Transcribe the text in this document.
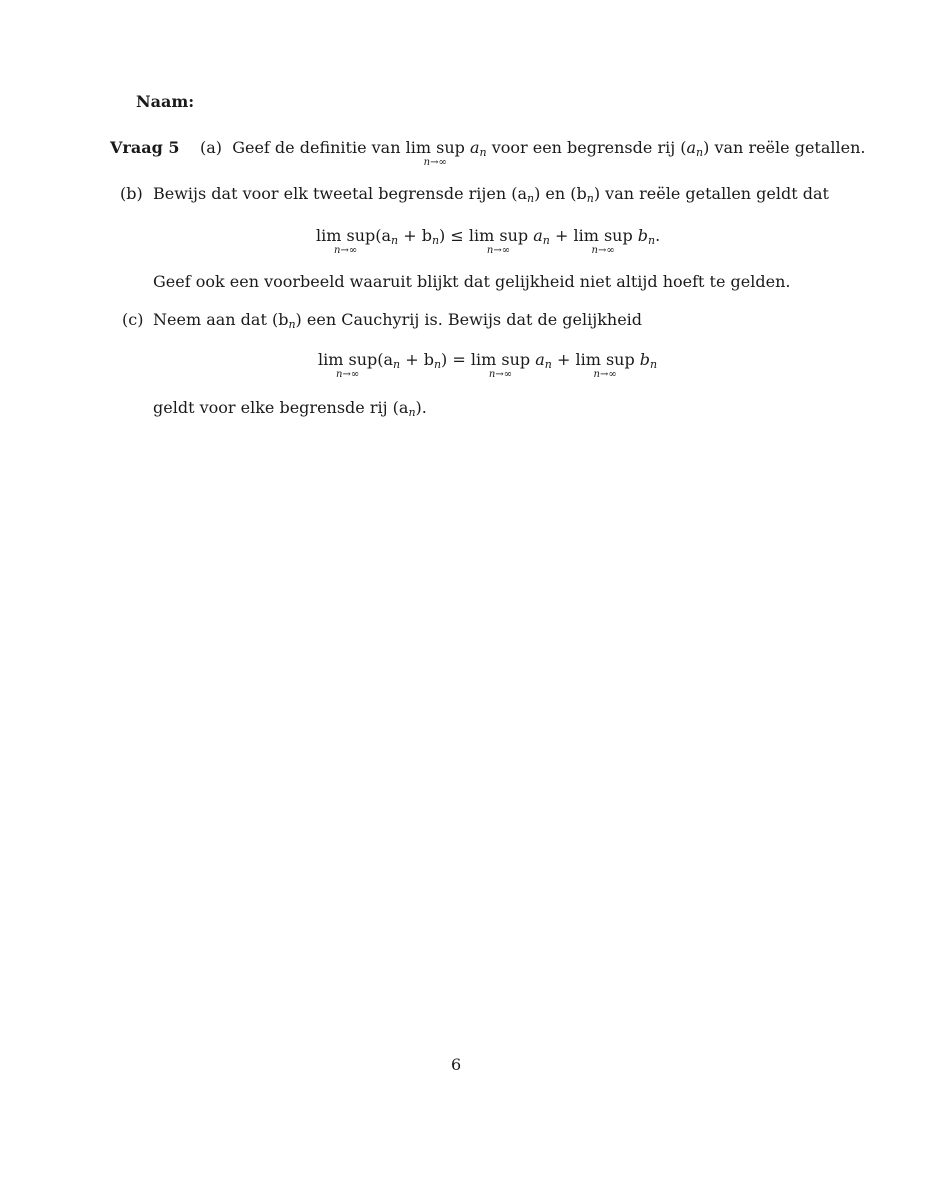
Naam:
Vraag 5 (a) Geef de definitie van lim sup
n→∞
$a_n$ voor een begrensde rij $(a_n)$ van reële getallen.
(b) Bewijs dat voor elk tweetal begrensde rijen $(a_n)$ en $(b_n)$ van reële getallen geldt dat
lim sup
n→∞
$(a_n + b_n) \le \lim$ sup
n→∞
$a_n + \lim$ sup
n→∞
$b_n$.
Geef ook een voorbeeld waaruit blijkt dat gelijkheid niet altijd hoeft te gelden.
(c) Neem aan dat $(b_n)$ een Cauchyrij is. Bewijs dat de gelijkheid
lim sup
n→∞
$(a_n + b_n) = \lim$ sup
n→∞
$a_n + \lim$ sup
n→∞
$b_n$
geldt voor elke begrensde rij $(a_n)$.
6
